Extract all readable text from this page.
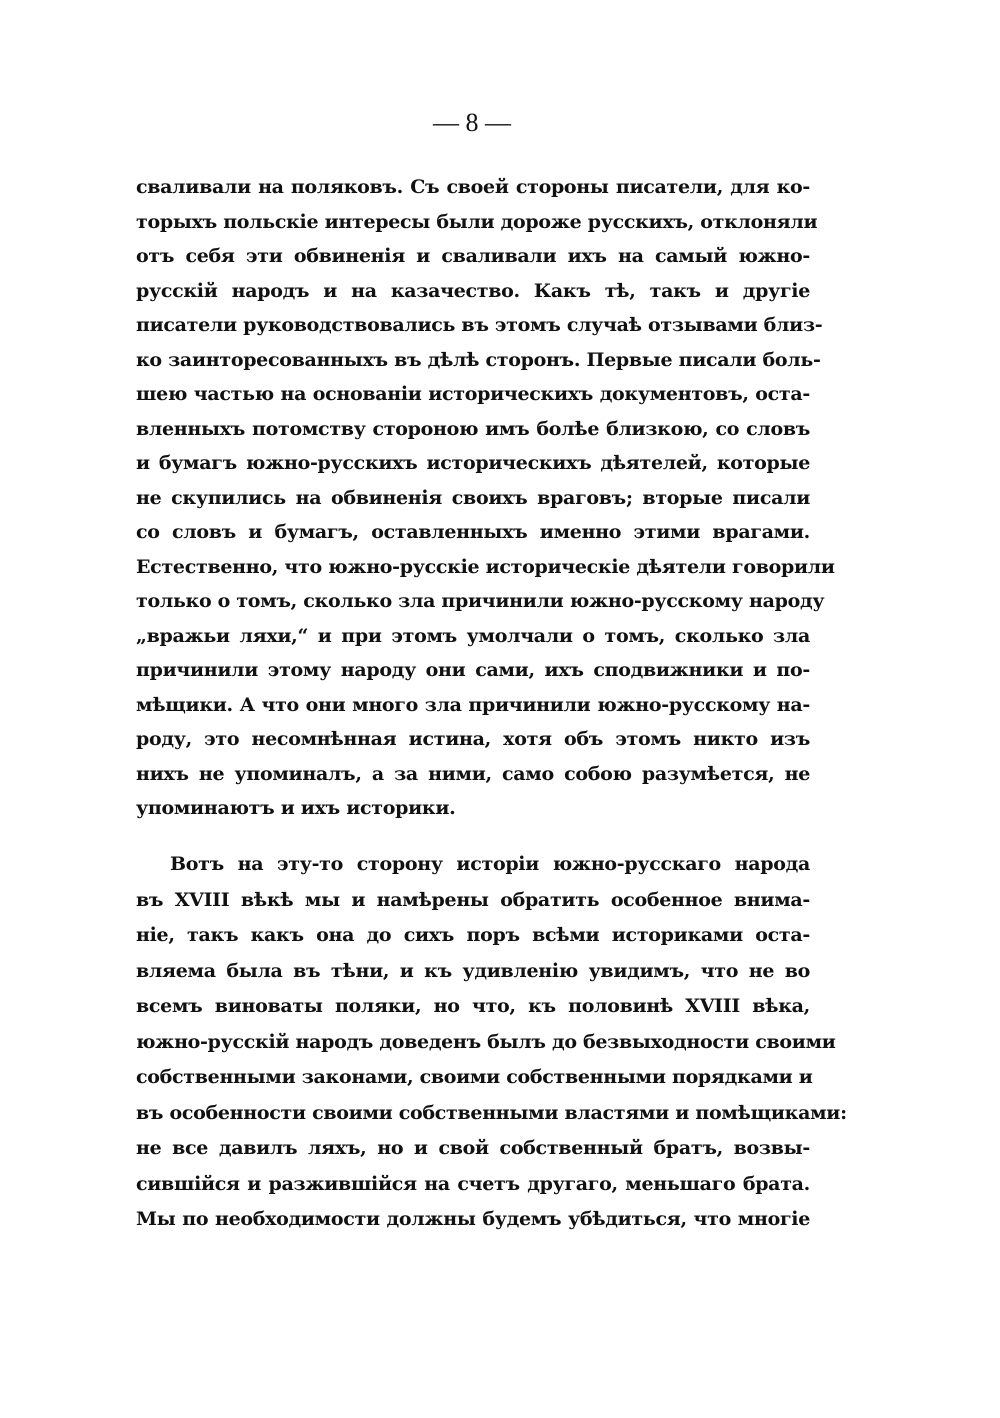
— 8 —
сваливали на поляковъ. Съ своей стороны писатели, для ко-
торыхъ польскіе интересы были дороже русскихъ, отклоняли
отъ себя эти обвиненія и сваливали ихъ на самый южно-
русскій народъ и на казачество. Какъ тѣ, такъ и другіе
писатели руководствовались въ этомъ случаѣ отзывами близ-
ко заинторесованныхъ въ дѣлѣ сторонъ. Первые писали боль-
шею частью на основаніи историческихъ документовъ, оста-
вленныхъ потомству стороною имъ болѣе близкою, со словъ
и бумагъ южно-русскихъ историческихъ дѣятелей, которые
не скупились на обвиненія своихъ враговъ; вторые писали
со словъ и бумагъ, оставленныхъ именно этими врагами.
Естественно, что южно-русскіе историческіе дѣятели говорили
только о томъ, сколько зла причинили южно-русскому народу
„вражьи ляхи,“ и при этомъ умолчали о томъ, сколько зла
причинили этому народу они сами, ихъ сподвижники и по-
мѣщики. А что они много зла причинили южно-русскому на-
роду, это несомнѣнная истина, хотя объ этомъ никто изъ
нихъ не упоминалъ, а за ними, само собою разумѣется, не
упоминаютъ и ихъ историки.
Вотъ на эту-то сторону исторіи южно-русскаго народа
въ XVIII вѣкѣ мы и намѣрены обратить особенное внима-
ніе, такъ какъ она до сихъ поръ всѣми историками оста-
вляема была въ тѣни, и къ удивленію увидимъ, что не во
всемъ виноваты поляки, но что, къ половинѣ XVIII вѣка,
южно-русскій народъ доведенъ былъ до безвыходности своими
собственными законами, своими собственными порядками и
въ особенности своими собственными властями и помѣщиками:
не все давилъ ляхъ, но и свой собственный братъ, возвы-
сившійся и разжившійся на счетъ другаго, меньшаго брата.
Мы по необходимости должны будемъ убѣдиться, что многіе
